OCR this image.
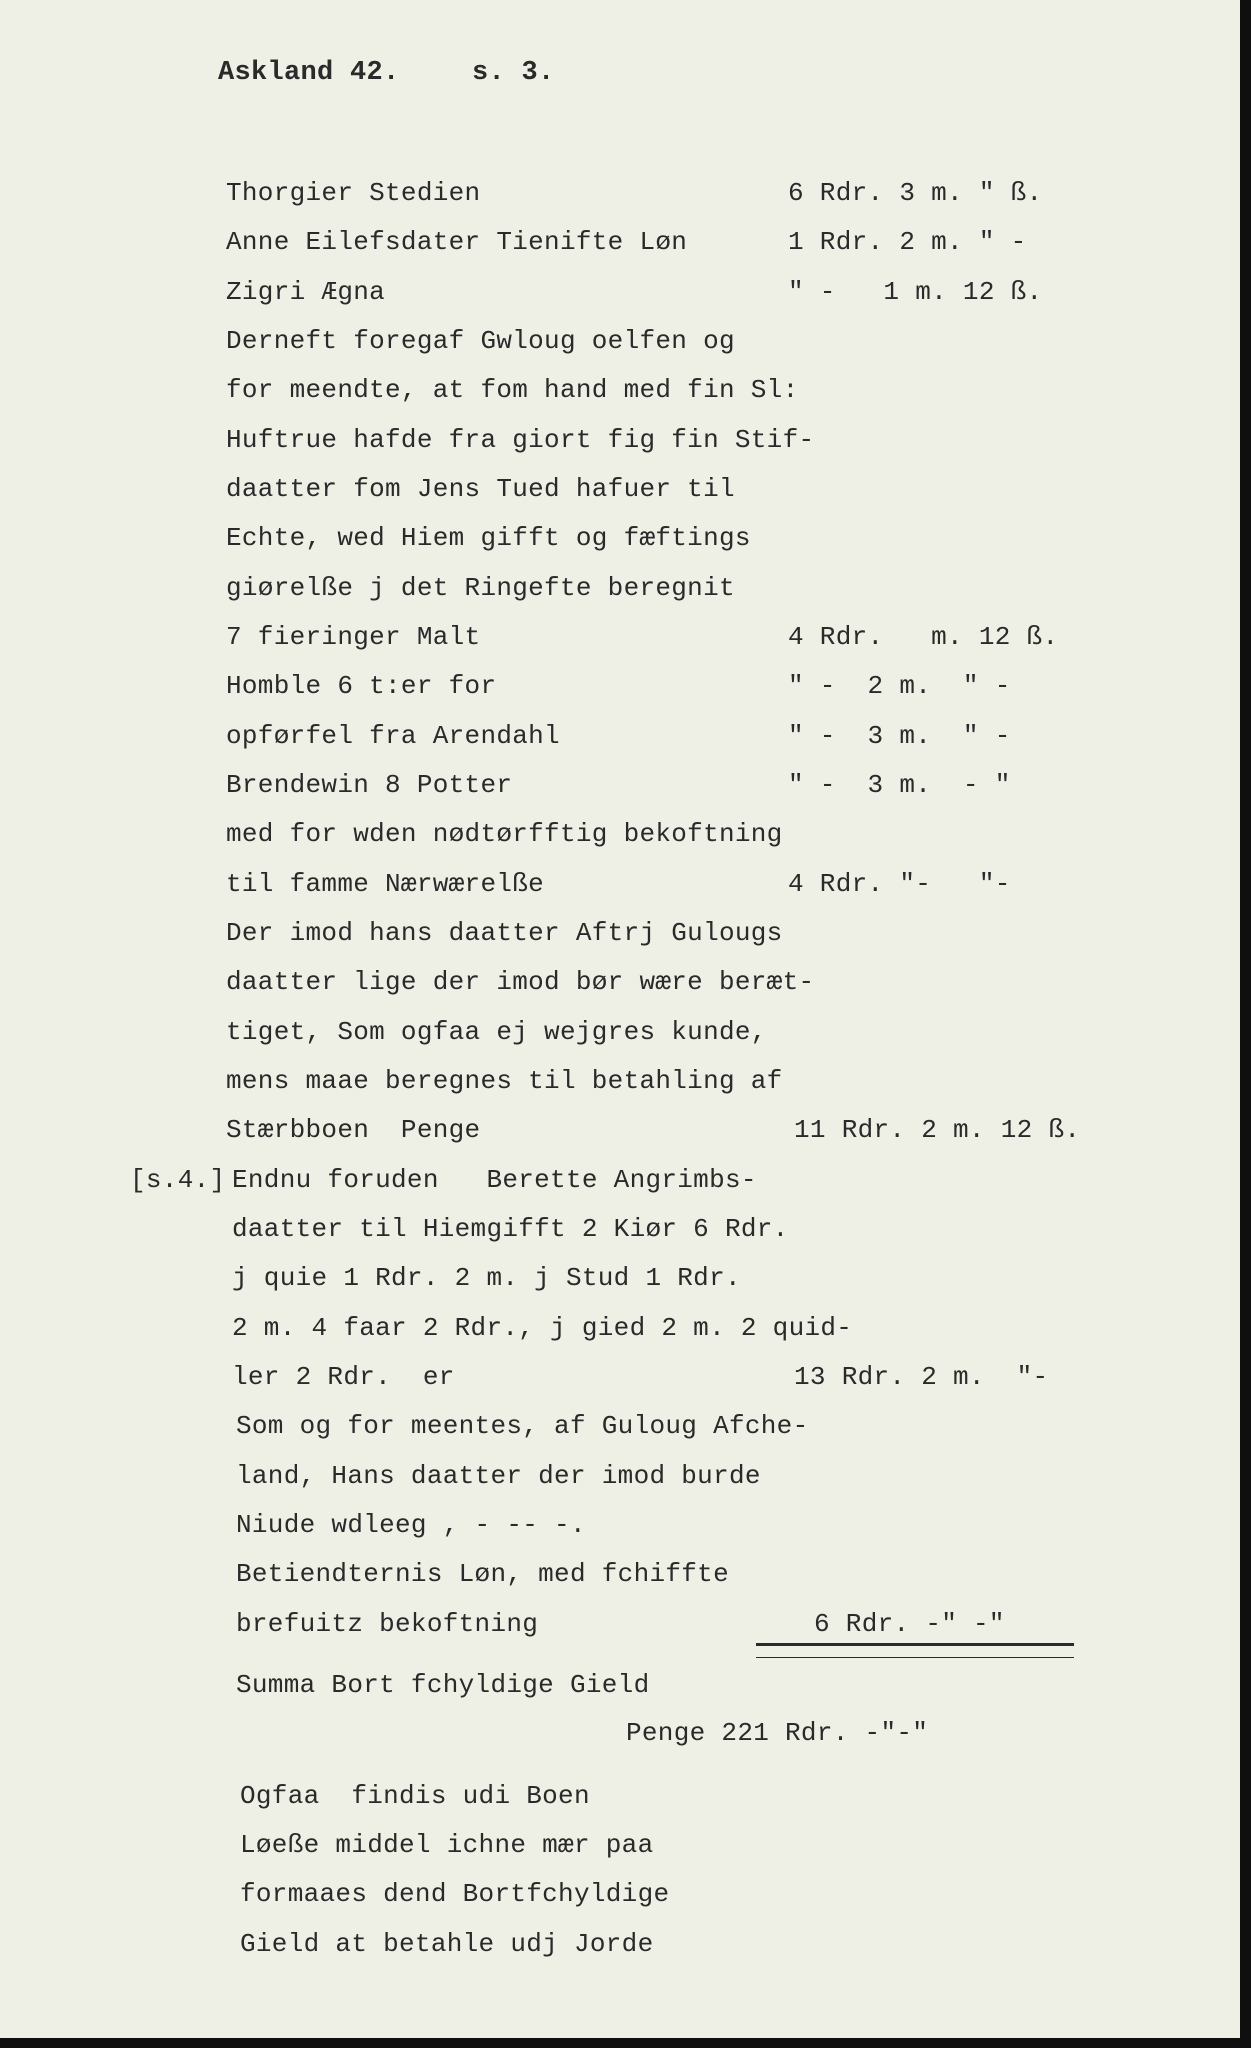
Askland 42.	s. 3.
Thorgier Stedien
Anne Eilefsdater Tienifte Løn
Zigri Ægna
Derneft foregaf Gwloug oelfen og
for meendte, at fom hand med fin Sl:
Huftrue hafde fra giort fig fin Stif-
daatter fom Jens Tued hafuer til
Echte, wed Hiem gifft og fæftings
giørelße j det Ringefte beregnit
7 fieringer Malt
Homble 6 t:er for
opførfel fra Arendahl
Brendewin 8 Potter
med for wden nødtørfftig bekoftning
til famme Nærwærelße
Der imod hans daatter Aftrj Gulougs
daatter lige der imod bør wære beræt-
tiget, Som ogfaa ej wejgres kunde,
mens maae beregnes til betahling af
Stærbboen  Penge
[s.4.] Endnu foruden   Berette Angrimbs-
daatter til Hiemgifft 2 Kiør 6 Rdr.
j quie 1 Rdr. 2 m. j Stud 1 Rdr.
2 m. 4 faar 2 Rdr., j gied 2 m. 2 quid-
ler 2 Rdr.  er
Som og for meentes, af Guloug Afche-
land, Hans daatter der imod burde
Niude wdleeg , - -- -.
Betiendternis Løn, med fchiffte
brefuitz bekoftning
Summa Bort fchyldige Gield
Penge 221 Rdr. -"-"
Ogfaa  findis udi Boen
Løeße middel ichne mær paa
formaaes dend Bortfchyldige
Gield at betahle udj Jorde
6 Rdr. 3 m. " ß.
1 Rdr. 2 m. " -
" -   1 m. 12 ß.
4 Rdr.   m. 12 ß.
" -  2 m.  " -
" -  3 m.  " -
" -  3 m.  - "
4 Rdr. "-   "-
11 Rdr. 2 m. 12 ß.
13 Rdr. 2 m.  "-
6 Rdr. -" -"
